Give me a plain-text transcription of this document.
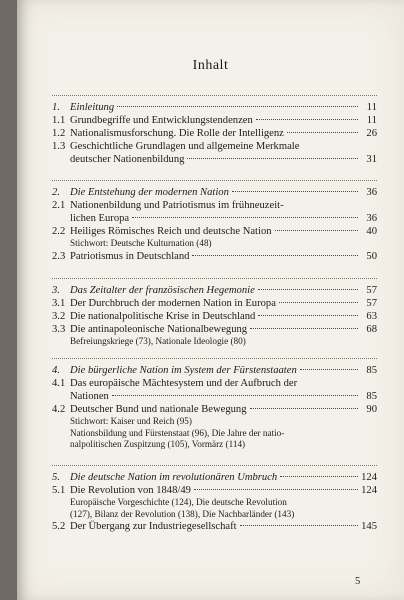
Inhalt
1. Einleitung	11
1.1 Grundbegriffe und Entwicklungstendenzen	11
1.2 Nationalismusforschung. Die Rolle der Intelligenz	26
1.3 Geschichtliche Grundlagen und allgemeine Merkmale
deutscher Nationenbildung	31
2. Die Entstehung der modernen Nation	36
2.1 Nationenbildung und Patriotismus im frühneuzeit-
lichen Europa	36
2.2 Heiliges Römisches Reich und deutsche Nation	40
Stichwort: Deutsche Kulturnation (48)
2.3 Patriotismus in Deutschland	50
3. Das Zeitalter der französischen Hegemonie	57
3.1 Der Durchbruch der modernen Nation in Europa	57
3.2 Die nationalpolitische Krise in Deutschland	63
3.3 Die antinapoleonische Nationalbewegung	68
Befreiungskriege (73), Nationale Ideologie (80)
4. Die bürgerliche Nation im System der Fürstenstaaten	85
4.1 Das europäische Mächtesystem und der Aufbruch der
Nationen	85
4.2 Deutscher Bund und nationale Bewegung	90
Stichwort: Kaiser und Reich (95)
Nationsbildung und Fürstenstaat (96), Die Jahre der natio-
nalpolitischen Zuspitzung (105), Vormärz (114)
5. Die deutsche Nation im revolutionären Umbruch	124
5.1 Die Revolution von 1848/49	124
Europäische Vorgeschichte (124), Die deutsche Revolution
(127), Bilanz der Revolution (138), Die Nachbarländer (143)
5.2 Der Übergang zur Industriegesellschaft	145
5
